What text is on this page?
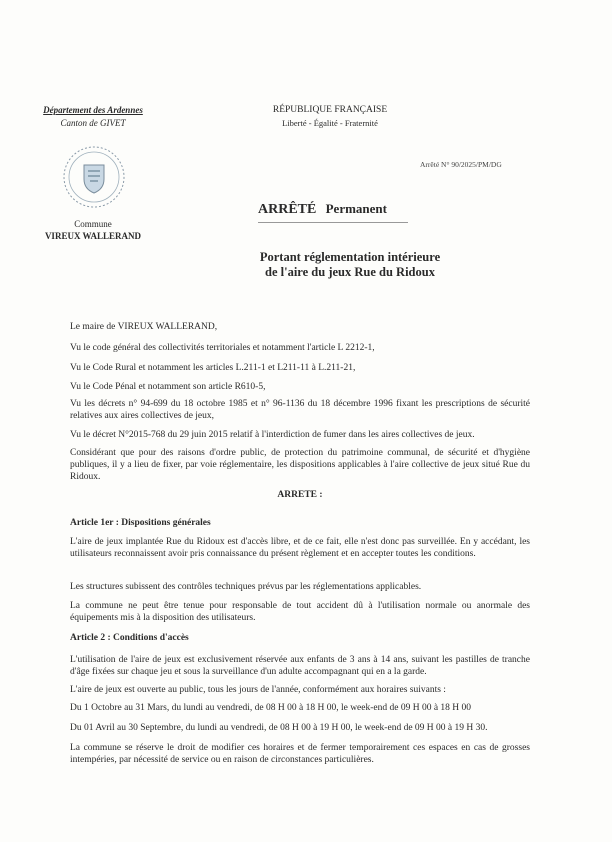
Département des Ardennes
Canton de GIVET
Commune
VIREUX WALLERAND
RÉPUBLIQUE FRANÇAISE
Liberté - Égalité - Fraternité
Arrêté N° 90/2025/PM/DG
ARRÊTÉ Permanent
Portant réglementation intérieure
de l'aire du jeux Rue du Ridoux
Le maire de VIREUX WALLERAND,
Vu le code général des collectivités territoriales et notamment l'article L 2212-1,
Vu le Code Rural et notamment les articles L.211-1 et L211-11 à L.211-21,
Vu le Code Pénal et notamment son article R610-5,
Vu les décrets n° 94-699 du 18 octobre 1985 et n° 96-1136 du 18 décembre 1996 fixant les prescriptions de sécurité relatives aux aires collectives de jeux,
Vu le décret N°2015-768 du 29 juin 2015 relatif à l'interdiction de fumer dans les aires collectives de jeux.
Considérant que pour des raisons d'ordre public, de protection du patrimoine communal, de sécurité et d'hygiène publiques, il y a lieu de fixer, par voie réglementaire, les dispositions applicables à l'aire collective de jeux situé Rue du Ridoux.
ARRETE :
Article 1er : Dispositions générales
L'aire de jeux implantée Rue du Ridoux est d'accès libre, et de ce fait, elle n'est donc pas surveillée. En y accédant, les utilisateurs reconnaissent avoir pris connaissance du présent règlement et en accepter toutes les conditions.
Les structures subissent des contrôles techniques prévus par les réglementations applicables.
La commune ne peut être tenue pour responsable de tout accident dû à l'utilisation normale ou anormale des équipements mis à la disposition des utilisateurs.
Article 2 : Conditions d'accès
L'utilisation de l'aire de jeux est exclusivement réservée aux enfants de 3 ans à 14 ans, suivant les pastilles de tranche d'âge fixées sur chaque jeu et sous la surveillance d'un adulte accompagnant qui en a la garde.
L'aire de jeux est ouverte au public, tous les jours de l'année, conformément aux horaires suivants :
Du 1 Octobre au 31 Mars, du lundi au vendredi, de 08 H 00 à 18 H 00, le week-end de 09 H 00 à 18 H 00
Du 01 Avril au 30 Septembre, du lundi au vendredi, de 08 H 00 à 19 H 00, le week-end de 09 H 00 à 19 H 30.
La commune se réserve le droit de modifier ces horaires et de fermer temporairement ces espaces en cas de grosses intempéries, par nécessité de service ou en raison de circonstances particulières.
